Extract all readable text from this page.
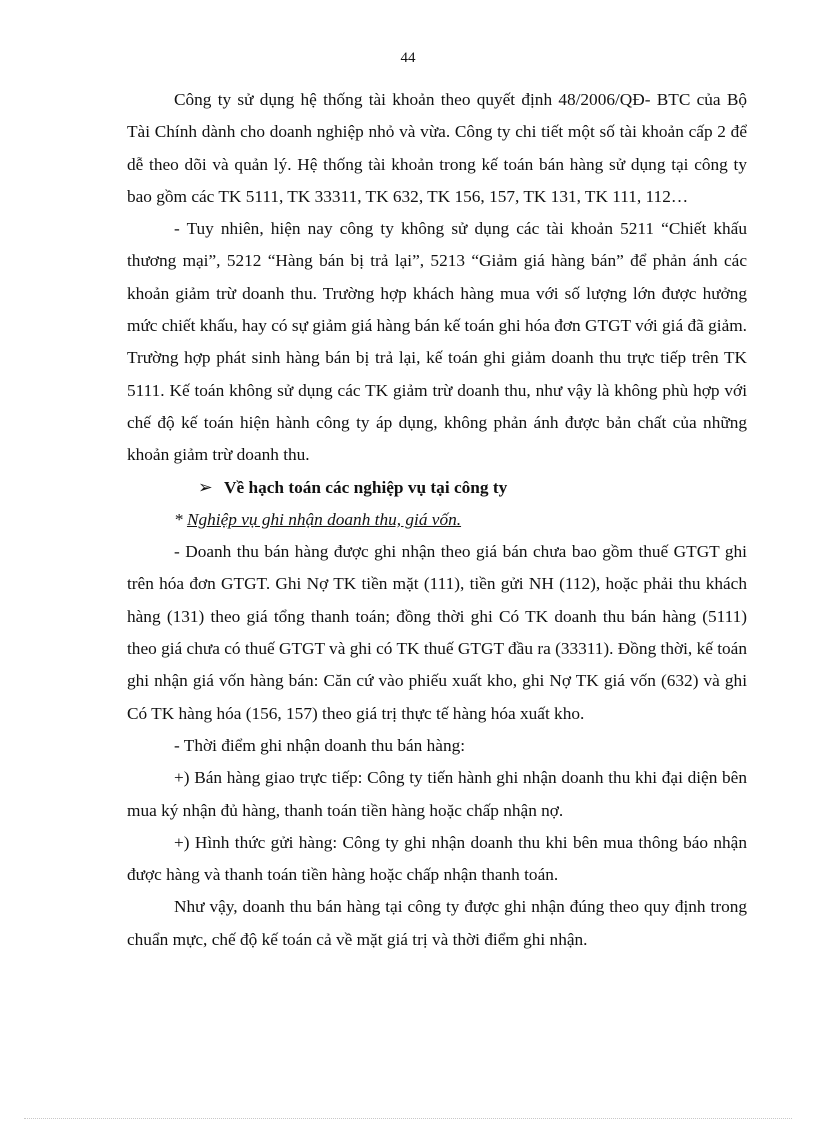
44

Công ty sử dụng hệ thống tài khoản theo quyết định 48/2006/QĐ- BTC của Bộ Tài Chính dành cho doanh nghiệp nhỏ và vừa. Công ty chi tiết một số tài khoản cấp 2 để dễ theo dõi và quản lý. Hệ thống tài khoản trong kế toán bán hàng sử dụng tại công ty bao gồm các TK 5111, TK 33311, TK 632, TK 156, 157, TK 131, TK 111, 112…

- Tuy nhiên, hiện nay công ty không sử dụng các tài khoản 5211 “Chiết khấu thương mại”, 5212 “Hàng bán bị trả lại”, 5213 “Giảm giá hàng bán” để phản ánh các khoản giảm trừ doanh thu. Trường hợp khách hàng mua với số lượng lớn được hưởng mức chiết khấu, hay có sự giảm giá hàng bán kế toán ghi hóa đơn GTGT với giá đã giảm. Trường hợp phát sinh hàng bán bị trả lại, kế toán ghi giảm doanh thu trực tiếp trên TK 5111. Kế toán không sử dụng các TK giảm trừ doanh thu, như vậy là không phù hợp với chế độ kế toán hiện hành công ty áp dụng, không phản ánh được bản chất của những khoản giảm trừ doanh thu.

➢ Về hạch toán các nghiệp vụ tại công ty
* Nghiệp vụ ghi nhận doanh thu, giá vốn.

- Doanh thu bán hàng được ghi nhận theo giá bán chưa bao gồm thuế GTGT ghi trên hóa đơn GTGT. Ghi Nợ TK tiền mặt (111), tiền gửi NH (112), hoặc phải thu khách hàng (131) theo giá tổng thanh toán; đồng thời ghi Có TK doanh thu bán hàng (5111) theo giá chưa có thuế GTGT và ghi có TK thuế GTGT đầu ra (33311). Đồng thời, kế toán ghi nhận giá vốn hàng bán: Căn cứ vào phiếu xuất kho, ghi Nợ TK giá vốn (632) và ghi Có TK hàng hóa (156, 157) theo giá trị thực tế hàng hóa xuất kho.

- Thời điểm ghi nhận doanh thu bán hàng:

+) Bán hàng giao trực tiếp: Công ty tiến hành ghi nhận doanh thu khi đại diện bên mua ký nhận đủ hàng, thanh toán tiền hàng hoặc chấp nhận nợ.

+) Hình thức gửi hàng: Công ty ghi nhận doanh thu khi bên mua thông báo nhận được hàng và thanh toán tiền hàng hoặc chấp nhận thanh toán.

Như vậy, doanh thu bán hàng tại công ty được ghi nhận đúng theo quy định trong chuẩn mực, chế độ kế toán cả về mặt giá trị và thời điểm ghi nhận.
